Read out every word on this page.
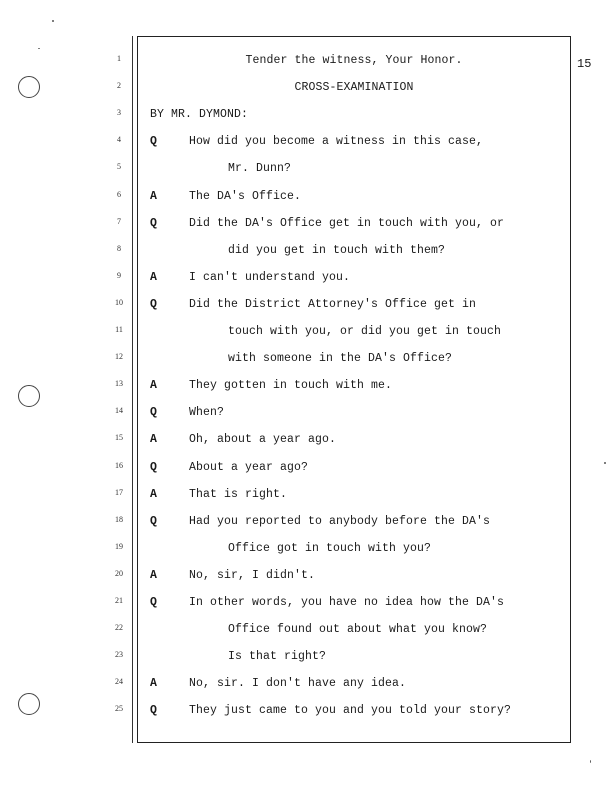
15
1	Tender the witness, Your Honor.
2	CROSS-EXAMINATION
3	BY MR. DYMOND:
4	Q	How did you become a witness in this case,
5	Mr. Dunn?
6	A	The DA's Office.
7	Q	Did the DA's Office get in touch with you, or
8	did you get in touch with them?
9	A	I can't understand you.
10	Q	Did the District Attorney's Office get in
11	touch with you, or did you get in touch
12	with someone in the DA's Office?
13	A	They gotten in touch with me.
14	Q	When?
15	A	Oh, about a year ago.
16	Q	About a year ago?
17	A	That is right.
18	Q	Had you reported to anybody before the DA's
19	Office got in touch with you?
20	A	No, sir, I didn't.
21	Q	In other words, you have no idea how the DA's
22	Office found out about what you know?
23	Is that right?
24	A	No, sir. I don't have any idea.
25	Q	They just came to you and you told your story?
